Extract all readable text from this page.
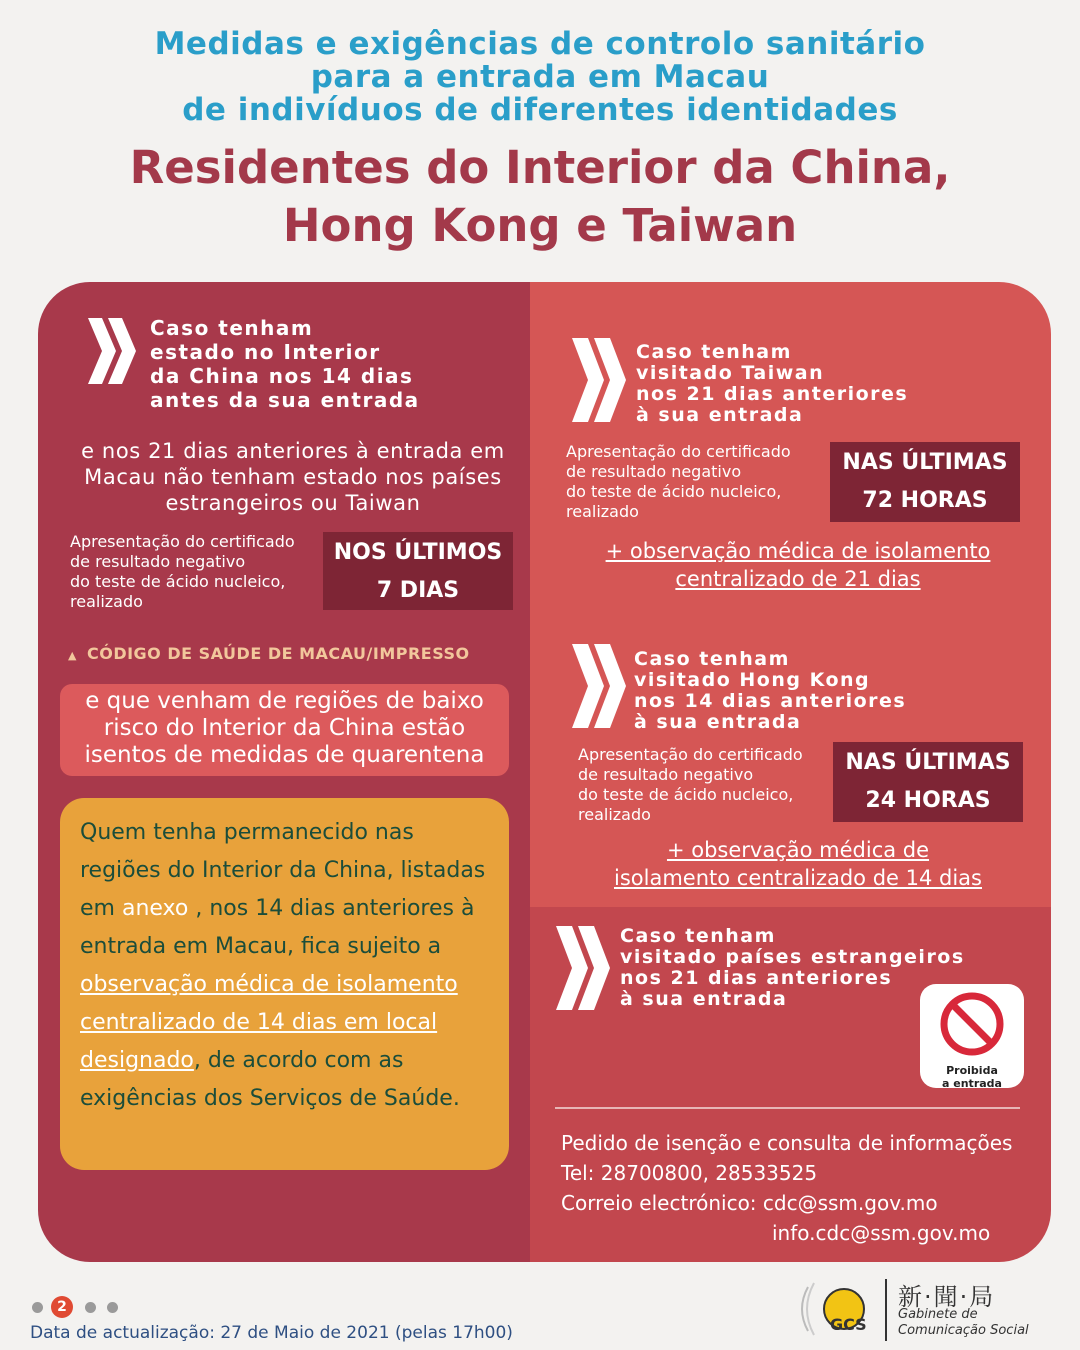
Medidas e exigências de controlo sanitário
para a entrada em Macau
de indivíduos de diferentes identidades
Residentes do Interior da China,
Hong Kong e Taiwan
Caso tenham
estado no Interior
da China nos 14 dias
antes da sua entrada
e nos 21 dias anteriores à entrada em Macau não tenham estado nos países estrangeiros ou Taiwan
Apresentação do certificado
de resultado negativo
do teste de ácido nucleico,
realizado
NOS ÚLTIMOS
7 DIAS
▲ CÓDIGO DE SAÚDE DE MACAU/IMPRESSO
e que venham de regiões de baixo risco do Interior da China estão isentos de medidas de quarentena
Quem tenha permanecido nas regiões do Interior da China, listadas em anexo , nos 14 dias anteriores à entrada em Macau, fica sujeito a observação médica de isolamento centralizado de 14 dias em local designado, de acordo com as exigências dos Serviços de Saúde.
Caso tenham
visitado Taiwan
nos 21 dias anteriores
à sua entrada
Apresentação do certificado
de resultado negativo
do teste de ácido nucleico,
realizado
NAS ÚLTIMAS
72 HORAS
+ observação médica de isolamento
centralizado de 21 dias
Caso tenham
visitado Hong Kong
nos 14 dias anteriores
à sua entrada
Apresentação do certificado
de resultado negativo
do teste de ácido nucleico,
realizado
NAS ÚLTIMAS
24 HORAS
+ observação médica de
isolamento centralizado de 14 dias
Caso tenham
visitado países estrangeiros
nos 21 dias anteriores
à sua entrada
Proibida
a entrada
Pedido de isenção e consulta de informações
Tel: 28700800, 28533525
Correio electrónico: cdc@ssm.gov.mo
info.cdc@ssm.gov.mo
2
Data de actualização: 27 de Maio de 2021 (pelas 17h00)	GCS
新·聞·局
Gabinete de
Comunicação Social
